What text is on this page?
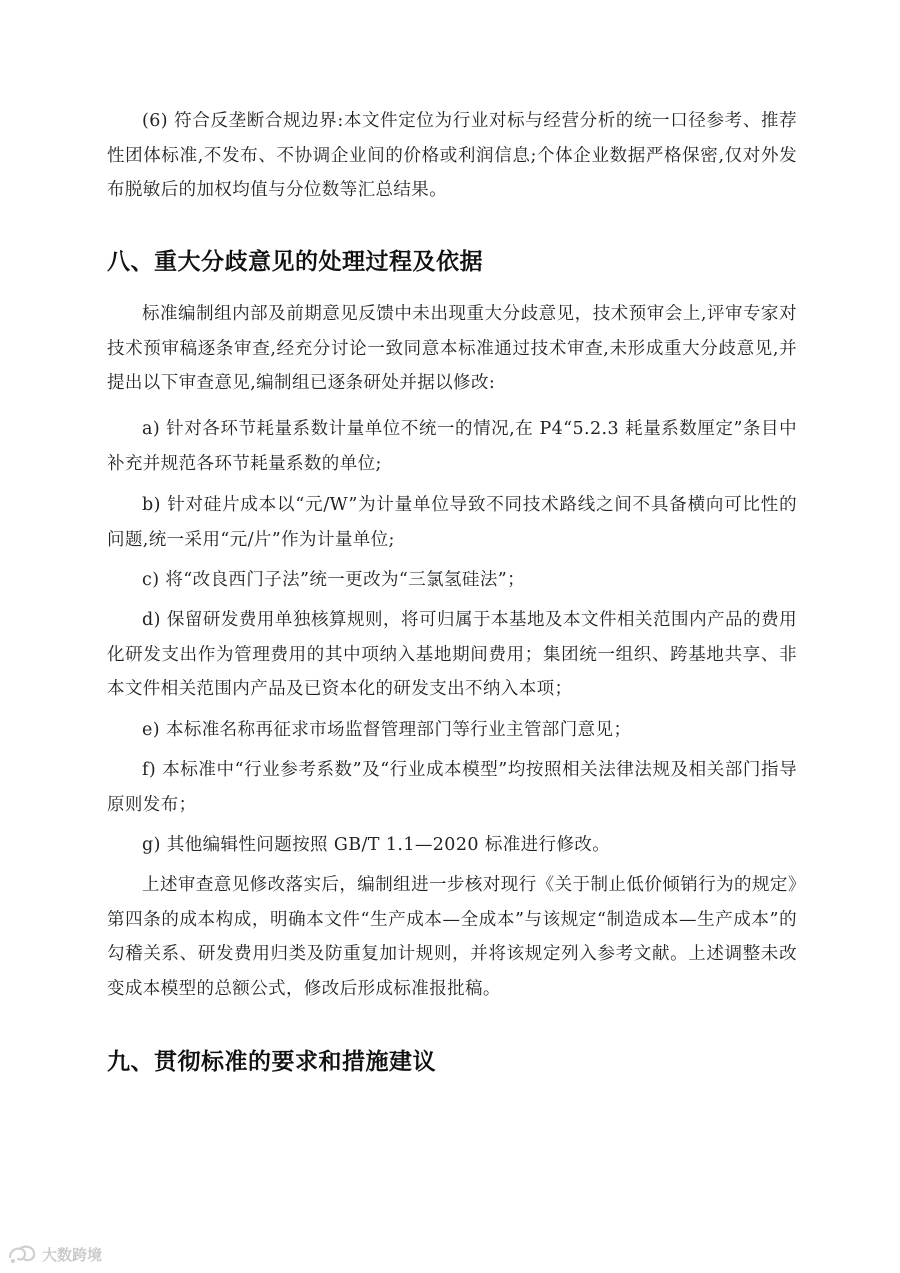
(6) 符合反垄断合规边界:本文件定位为行业对标与经营分析的统一口径参考、推荐性团体标准,不发布、不协调企业间的价格或利润信息;个体企业数据严格保密,仅对外发布脱敏后的加权均值与分位数等汇总结果。

八、重大分歧意见的处理过程及依据

标准编制组内部及前期意见反馈中未出现重大分歧意见，技术预审会上,评审专家对技术预审稿逐条审查,经充分讨论一致同意本标准通过技术审查,未形成重大分歧意见,并提出以下审查意见,编制组已逐条研处并据以修改:

a) 针对各环节耗量系数计量单位不统一的情况,在 P4“5.2.3 耗量系数厘定”条目中补充并规范各环节耗量系数的单位;

b) 针对硅片成本以“元/W”为计量单位导致不同技术路线之间不具备横向可比性的问题,统一采用“元/片”作为计量单位;

c) 将“改良西门子法”统一更改为“三氯氢硅法”；

d) 保留研发费用单独核算规则，将可归属于本基地及本文件相关范围内产品的费用化研发支出作为管理费用的其中项纳入基地期间费用；集团统一组织、跨基地共享、非本文件相关范围内产品及已资本化的研发支出不纳入本项；

e) 本标准名称再征求市场监督管理部门等行业主管部门意见；

f) 本标准中“行业参考系数”及“行业成本模型”均按照相关法律法规及相关部门指导原则发布；

g) 其他编辑性问题按照 GB/T 1.1—2020 标准进行修改。

上述审查意见修改落实后，编制组进一步核对现行《关于制止低价倾销行为的规定》第四条的成本构成，明确本文件“生产成本—全成本”与该规定“制造成本—生产成本”的勾稽关系、研发费用归类及防重复加计规则，并将该规定列入参考文献。上述调整未改变成本模型的总额公式，修改后形成标准报批稿。

九、贯彻标准的要求和措施建议
大数跨境
